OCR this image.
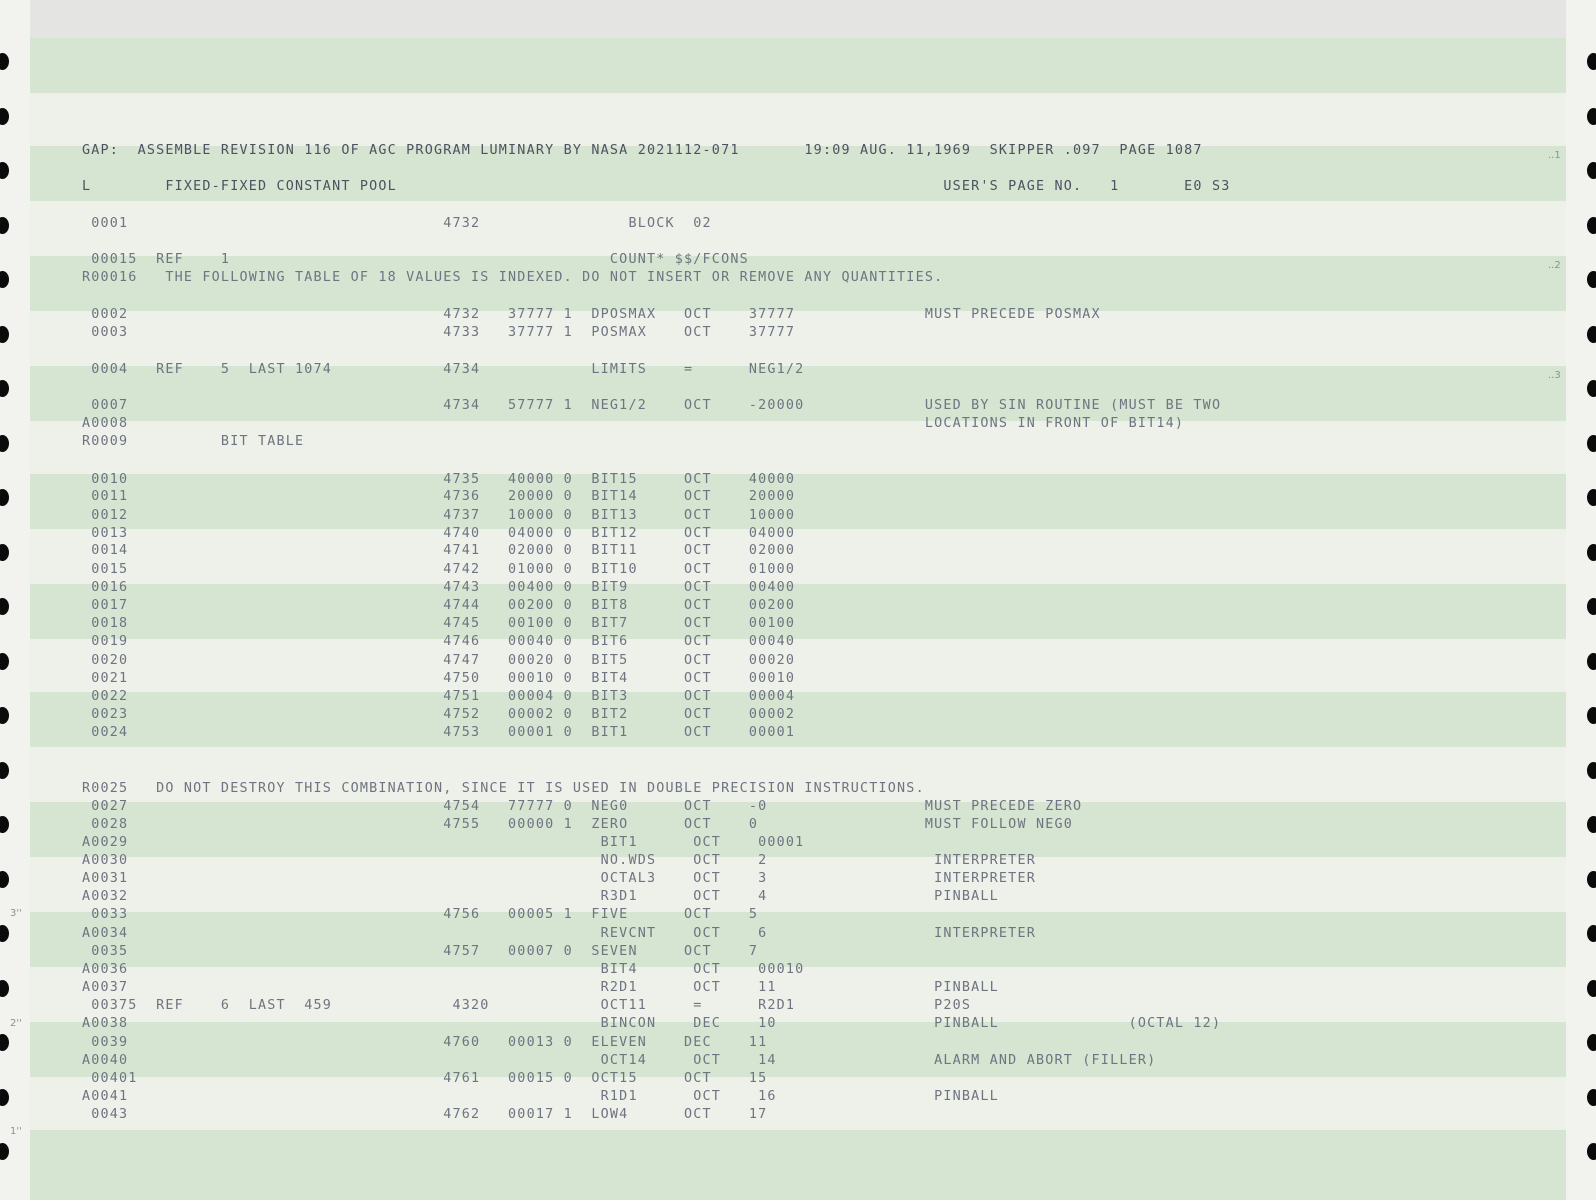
GAP:  ASSEMBLE REVISION 116 OF AGC PROGRAM LUMINARY BY NASA 2021112-071       19:09 AUG. 11,1969  SKIPPER .097  PAGE 1087
L        FIXED-FIXED CONSTANT POOL                                                           USER'S PAGE NO.   1       E0 S3
0001                                  4732                BLOCK  02
00015  REF    1                                         COUNT* $$/FCONS
R00016   THE FOLLOWING TABLE OF 18 VALUES IS INDEXED. DO NOT INSERT OR REMOVE ANY QUANTITIES.
0002                                  4732   37777 1  DPOSMAX   OCT    37777              MUST PRECEDE POSMAX
0003                                  4733   37777 1  POSMAX    OCT    37777
0004   REF    5  LAST 1074            4734            LIMITS    =      NEG1/2
0007                                  4734   57777 1  NEG1/2    OCT    -20000             USED BY SIN ROUTINE (MUST BE TWO
A0008                                                                                      LOCATIONS IN FRONT OF BIT14)
R0009          BIT TABLE
0010                                  4735   40000 0  BIT15     OCT    40000
0011                                  4736   20000 0  BIT14     OCT    20000
0012                                  4737   10000 0  BIT13     OCT    10000
0013                                  4740   04000 0  BIT12     OCT    04000
0014                                  4741   02000 0  BIT11     OCT    02000
0015                                  4742   01000 0  BIT10     OCT    01000
0016                                  4743   00400 0  BIT9      OCT    00400
0017                                  4744   00200 0  BIT8      OCT    00200
0018                                  4745   00100 0  BIT7      OCT    00100
0019                                  4746   00040 0  BIT6      OCT    00040
0020                                  4747   00020 0  BIT5      OCT    00020
0021                                  4750   00010 0  BIT4      OCT    00010
0022                                  4751   00004 0  BIT3      OCT    00004
0023                                  4752   00002 0  BIT2      OCT    00002
0024                                  4753   00001 0  BIT1      OCT    00001
R0025   DO NOT DESTROY THIS COMBINATION, SINCE IT IS USED IN DOUBLE PRECISION INSTRUCTIONS.
0027                                  4754   77777 0  NEG0      OCT    -0                 MUST PRECEDE ZERO
0028                                  4755   00000 1  ZERO      OCT    0                  MUST FOLLOW NEG0
A0029                                                   BIT1      OCT    00001
A0030                                                   NO.WDS    OCT    2                  INTERPRETER
A0031                                                   OCTAL3    OCT    3                  INTERPRETER
A0032                                                   R3D1      OCT    4                  PINBALL
0033                                  4756   00005 1  FIVE      OCT    5
A0034                                                   REVCNT    OCT    6                  INTERPRETER
0035                                  4757   00007 0  SEVEN     OCT    7
A0036                                                   BIT4      OCT    00010
A0037                                                   R2D1      OCT    11                 PINBALL
00375  REF    6  LAST  459             4320            OCT11     =      R2D1               P20S
A0038                                                   BINCON    DEC    10                 PINBALL              (OCTAL 12)
0039                                  4760   00013 0  ELEVEN    DEC    11
A0040                                                   OCT14     OCT    14                 ALARM AND ABORT (FILLER)
00401                                 4761   00015 0  OCT15     OCT    15
A0041                                                   R1D1      OCT    16                 PINBALL
0043                                  4762   00017 1  LOW4      OCT    17
..1
..2
..3
3''
2''
1''
